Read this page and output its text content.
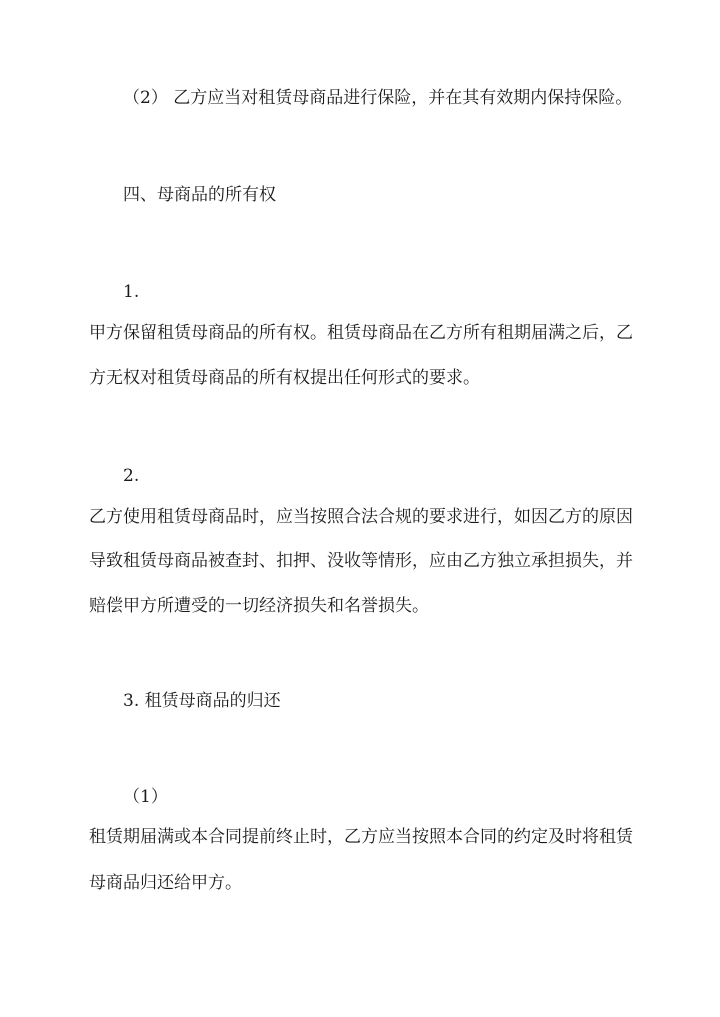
（2） 乙方应当对租赁母商品进行保险，并在其有效期内保持保险。
四、母商品的所有权
1.
甲方保留租赁母商品的所有权。租赁母商品在乙方所有租期届满之后，乙
方无权对租赁母商品的所有权提出任何形式的要求。
2.
乙方使用租赁母商品时，应当按照合法合规的要求进行，如因乙方的原因
导致租赁母商品被查封、扣押、没收等情形，应由乙方独立承担损失，并
赔偿甲方所遭受的一切经济损失和名誉损失。
3. 租赁母商品的归还
（1）
租赁期届满或本合同提前终止时，乙方应当按照本合同的约定及时将租赁
母商品归还给甲方。
